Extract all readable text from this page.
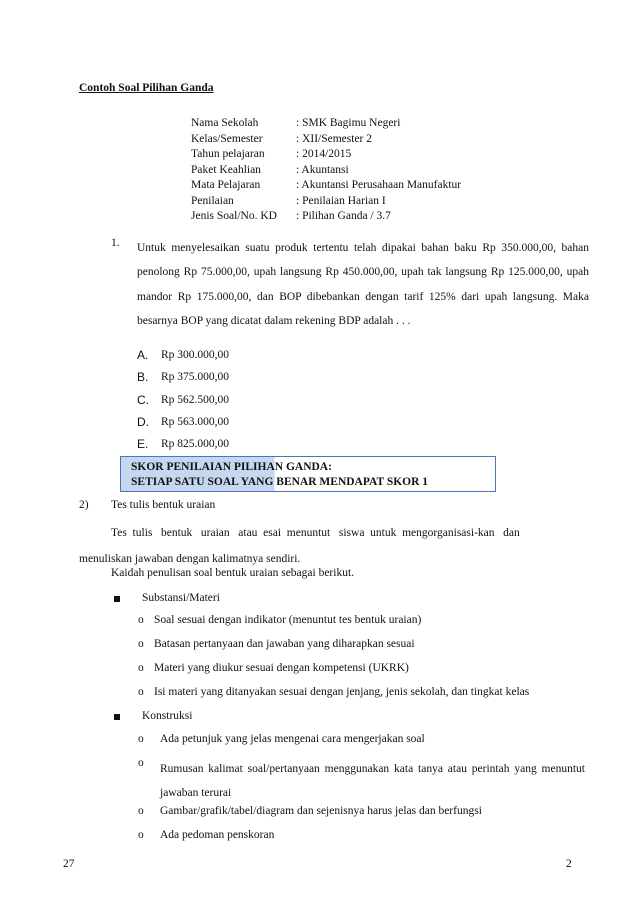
Contoh Soal Pilihan Ganda
Nama Sekolah	: SMK Bagimu Negeri
Kelas/Semester	: XII/Semester 2
Tahun pelajaran	: 2014/2015
Paket Keahlian	: Akuntansi
Mata Pelajaran	: Akuntansi Perusahaan Manufaktur
Penilaian	: Penilaian Harian I
Jenis Soal/No. KD	: Pilihan Ganda / 3.7
1. Untuk menyelesaikan suatu produk tertentu telah dipakai bahan baku Rp 350.000,00, bahan penolong Rp 75.000,00, upah langsung Rp 450.000,00, upah tak langsung Rp 125.000,00, upah mandor Rp 175.000,00, dan BOP dibebankan dengan tarif 125% dari upah langsung. Maka besarnya BOP yang dicatat dalam rekening BDP adalah . . .
A.	Rp 300.000,00
B.	Rp 375.000,00
C.	Rp 562.500,00
D.	Rp 563.000,00
E.	Rp 825.000,00
SKOR PENILAIAN PILIHAN GANDA:
SETIAP SATU SOAL YANG BENAR MENDAPAT SKOR 1
2) Tes tulis bentuk uraian
Tes  tulis   bentuk   uraian   atau  esai  menuntut   siswa  untuk  mengorganisasi-kan   dan
menuliskan jawaban dengan kalimatnya sendiri.
Kaidah penulisan soal bentuk uraian sebagai berikut.
Substansi/Materi
o Soal sesuai dengan indikator (menuntut tes bentuk uraian)
o Batasan pertanyaan dan jawaban yang diharapkan sesuai
o Materi yang diukur sesuai dengan kompetensi (UKRK)
o Isi materi yang ditanyakan sesuai dengan jenjang, jenis sekolah, dan tingkat kelas
Konstruksi
o	Ada petunjuk yang jelas mengenai cara mengerjakan soal
o	Rumusan kalimat soal/pertanyaan menggunakan kata tanya atau perintah yang menuntut jawaban terurai
o	Gambar/grafik/tabel/diagram dan sejenisnya harus jelas dan berfungsi
o	Ada pedoman penskoran
27	2
